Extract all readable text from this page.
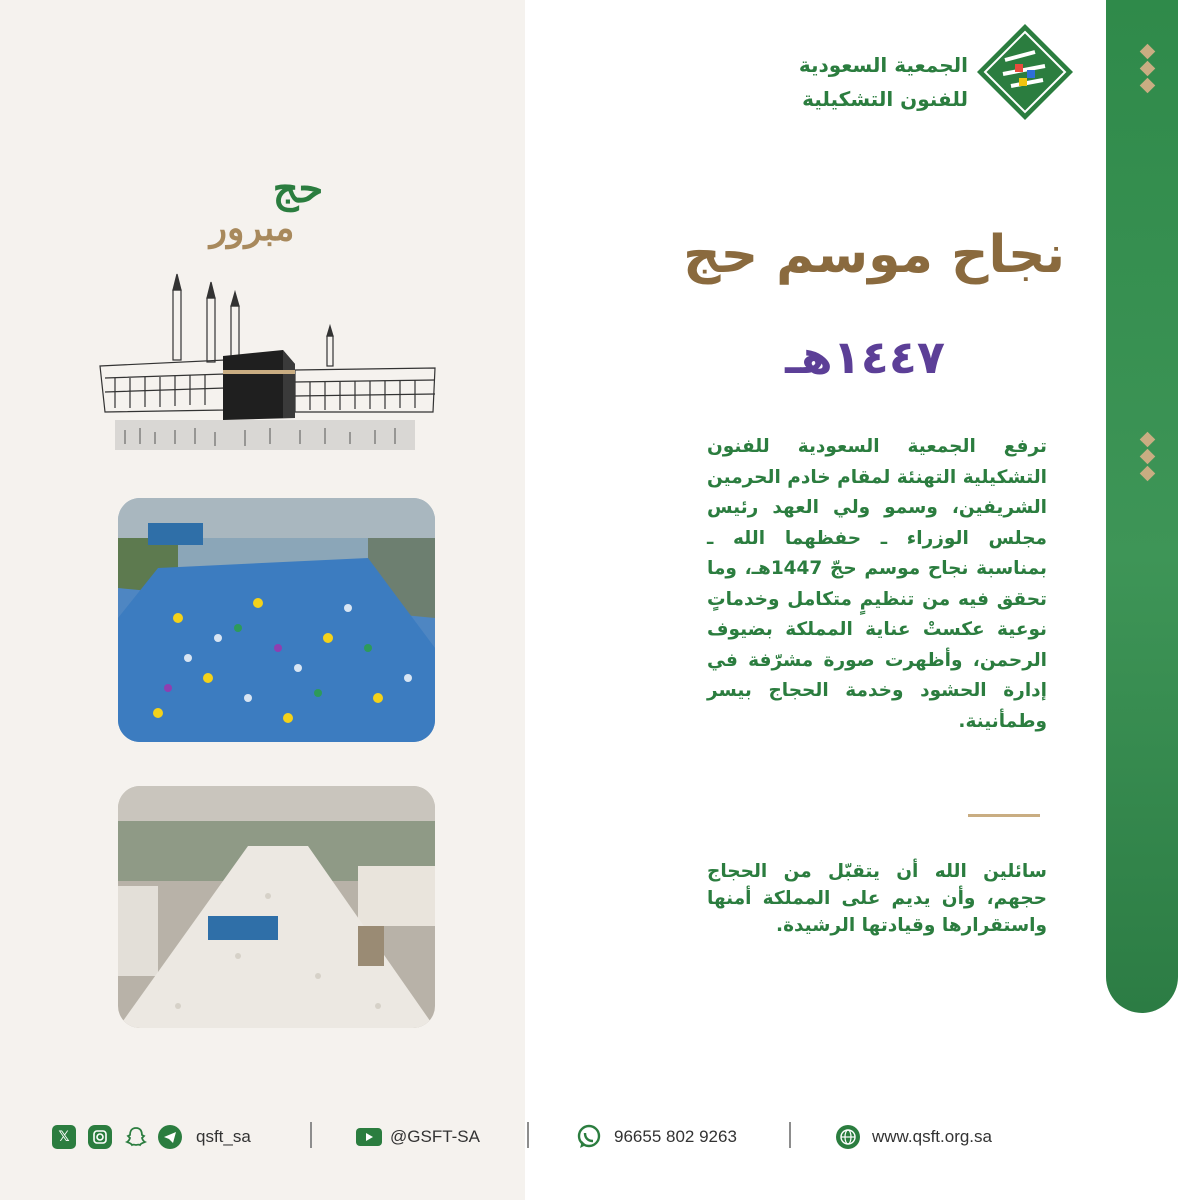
الجمعية السعودية
للفنون التشكيلية
نجاح موسم حج
١٤٤٧هـ
ترفع الجمعية السعودية للفنون التشكيلية التهنئة لمقام خادم الحرمين الشريفين، وسمو ولي العهد رئيس مجلس الوزراء ـ حفظهما الله ـ بمناسبة نجاح موسم حجّ 1447هـ، وما تحقق فيه من تنظيمٍ متكامل وخدماتٍ نوعية عكستْ عناية المملكة بضيوف الرحمن، وأظهرت صورة مشرّفة في إدارة الحشود وخدمة الحجاج بيسر وطمأنينة.
سائلين الله أن يتقبّل من الحجاج حجهم، وأن يديم على المملكة أمنها واستقرارها وقيادتها الرشيدة.
حج
مبرور
𝕏	qsft_sa	@GSFT-SA	96655 802 9263	www.qsft.org.sa
